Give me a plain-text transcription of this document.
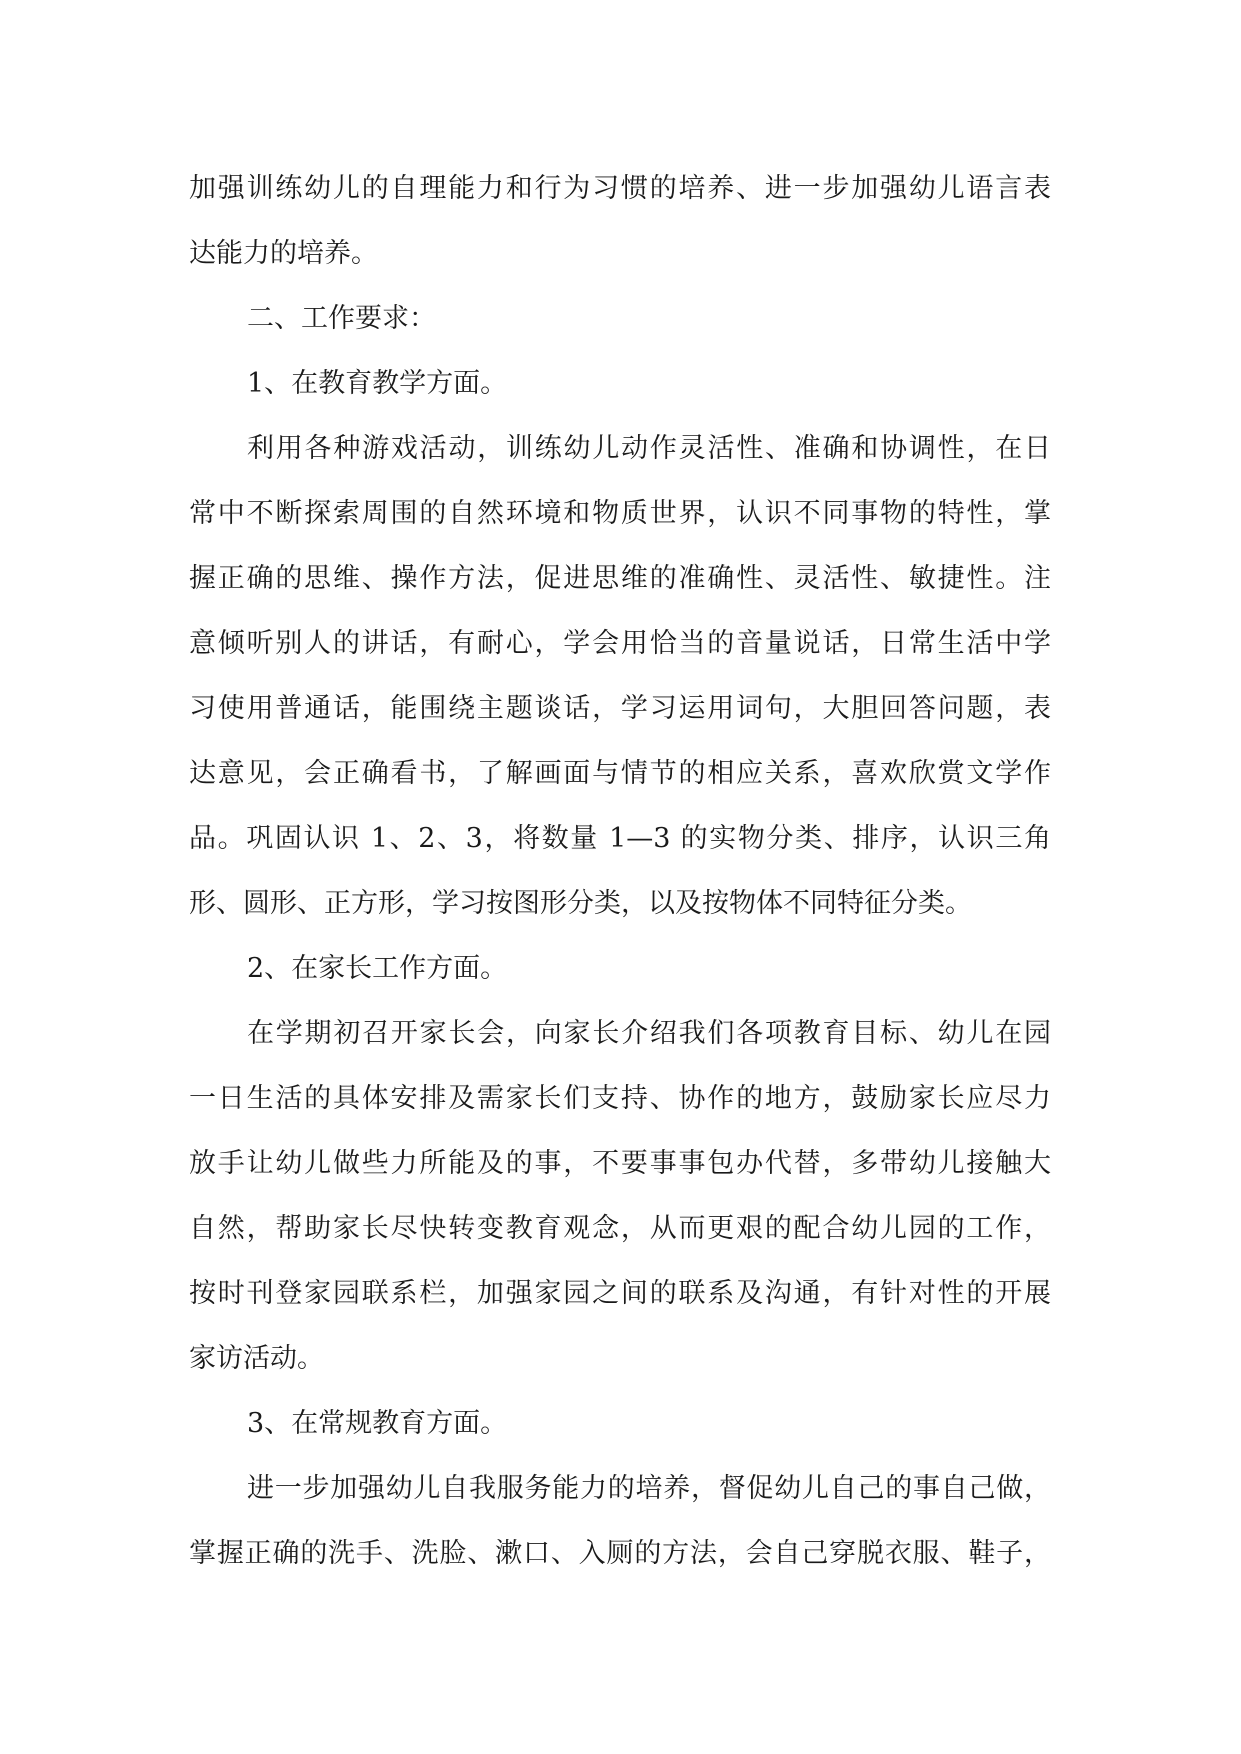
加强训练幼儿的自理能力和行为习惯的培养、进一步加强幼儿语言表

达能力的培养。

二、工作要求：

1、在教育教学方面。

利用各种游戏活动，训练幼儿动作灵活性、准确和协调性，在日

常中不断探索周围的自然环境和物质世界，认识不同事物的特性，掌

握正确的思维、操作方法，促进思维的准确性、灵活性、敏捷性。注

意倾听别人的讲话，有耐心，学会用恰当的音量说话，日常生活中学

习使用普通话，能围绕主题谈话，学习运用词句，大胆回答问题，表

达意见，会正确看书，了解画面与情节的相应关系，喜欢欣赏文学作

品。巩固认识 1、2、3，将数量 1—3 的实物分类、排序，认识三角

形、圆形、正方形，学习按图形分类，以及按物体不同特征分类。

2、在家长工作方面。

在学期初召开家长会，向家长介绍我们各项教育目标、幼儿在园

一日生活的具体安排及需家长们支持、协作的地方，鼓励家长应尽力

放手让幼儿做些力所能及的事，不要事事包办代替，多带幼儿接触大

自然，帮助家长尽快转变教育观念，从而更艰的配合幼儿园的工作，

按时刊登家园联系栏，加强家园之间的联系及沟通，有针对性的开展

家访活动。

3、在常规教育方面。

进一步加强幼儿自我服务能力的培养，督促幼儿自己的事自己做，

掌握正确的洗手、洗脸、漱口、入厕的方法，会自己穿脱衣服、鞋子，
